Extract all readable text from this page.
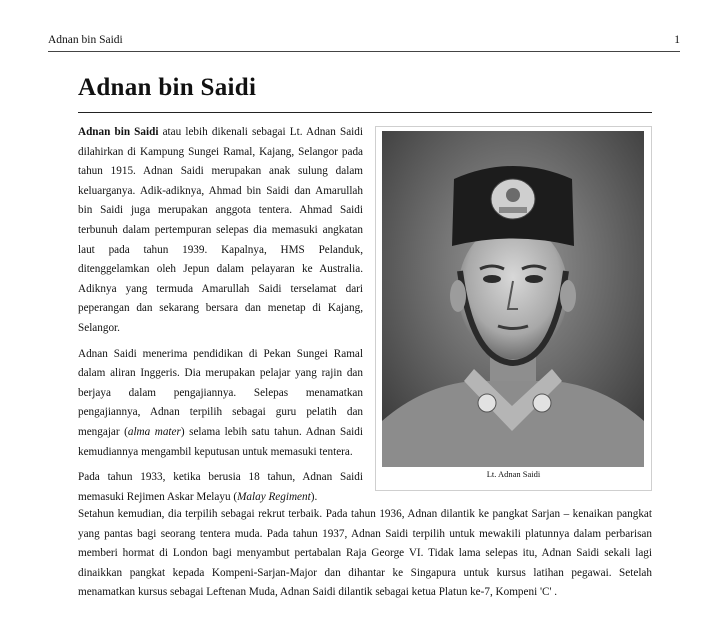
Adnan bin Saidi	1
Adnan bin Saidi

Adnan bin Saidi atau lebih dikenali sebagai Lt. Adnan Saidi dilahirkan di Kampung Sungei Ramal, Kajang, Selangor pada tahun 1915. Adnan Saidi merupakan anak sulung dalam keluarganya. Adik-adiknya, Ahmad bin Saidi dan Amarullah bin Saidi juga merupakan anggota tentera. Ahmad Saidi terbunuh dalam pertempuran selepas dia memasuki angkatan laut pada tahun 1939. Kapalnya, HMS Pelanduk, ditenggelamkan oleh Jepun dalam pelayaran ke Australia. Adiknya yang termuda Amarullah Saidi terselamat dari peperangan dan sekarang bersara dan menetap di Kajang, Selangor.

Adnan Saidi menerima pendidikan di Pekan Sungei Ramal dalam aliran Inggeris. Dia merupakan pelajar yang rajin dan berjaya dalam pengajiannya. Selepas menamatkan pengajiannya, Adnan terpilih sebagai guru pelatih dan mengajar (alma mater) selama lebih satu tahun. Adnan Saidi kemudiannya mengambil keputusan untuk memasuki tentera.

Pada tahun 1933, ketika berusia 18 tahun, Adnan Saidi memasuki Rejimen Askar Melayu (Malay Regiment).

Setahun kemudian, dia terpilih sebagai rekrut terbaik. Pada tahun 1936, Adnan dilantik ke pangkat Sarjan – kenaikan pangkat yang pantas bagi seorang tentera muda. Pada tahun 1937, Adnan Saidi terpilih untuk mewakili platunnya dalam perbarisan memberi hormat di London bagi menyambut pertabalan Raja George VI. Tidak lama selepas itu, Adnan Saidi sekali lagi dinaikkan pangkat kepada Kompeni-Sarjan-Major dan dihantar ke Singapura untuk kursus latihan pegawai. Setelah menamatkan kursus sebagai Leftenan Muda, Adnan Saidi dilantik sebagai ketua Platun ke-7, Kompeni 'C' .

Lt. Adnan Saidi
